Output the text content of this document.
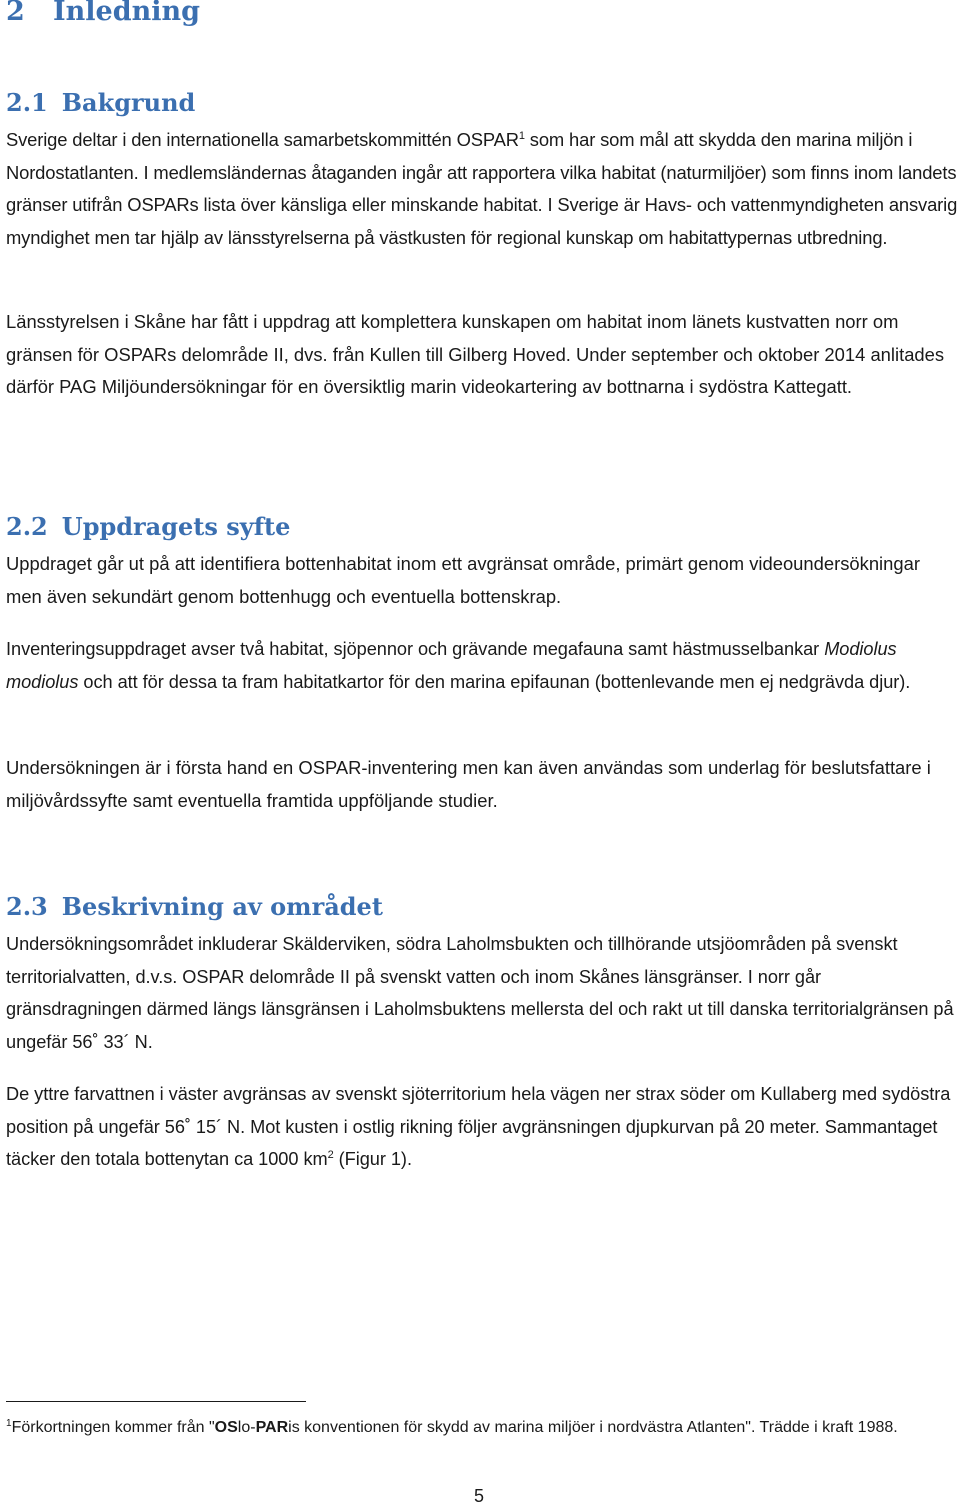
2 Inledning
2.1 Bakgrund

Sverige deltar i den internationella samarbetskommittén OSPAR$^1$ som har som mål att skydda den marina miljön i Nordostatlanten. I medlemsländernas åtaganden ingår att rapportera vilka habitat (naturmiljöer) som finns inom landets gränser utifrån OSPARs lista över känsliga eller minskande habitat. I Sverige är Havs- och vattenmyndigheten ansvarig myndighet men tar hjälp av länsstyrelserna på västkusten för regional kunskap om habitattypernas utbredning.

Länsstyrelsen i Skåne har fått i uppdrag att komplettera kunskapen om habitat inom länets kustvatten norr om gränsen för OSPARs delområde II, dvs. från Kullen till Gilberg Hoved. Under september och oktober 2014 anlitades därför PAG Miljöundersökningar för en översiktlig marin videokartering av bottnarna i sydöstra Kattegatt.

2.2 Uppdragets syfte

Uppdraget går ut på att identifiera bottenhabitat inom ett avgränsat område, primärt genom videoundersökningar men även sekundärt genom bottenhugg och eventuella bottenskrap.

Inventeringsuppdraget avser två habitat, sjöpennor och grävande megafauna samt hästmusselbankar Modiolus modiolus och att för dessa ta fram habitatkartor för den marina epifaunan (bottenlevande men ej nedgrävda djur).

Undersökningen är i första hand en OSPAR-inventering men kan även användas som underlag för beslutsfattare i miljövårdssyfte samt eventuella framtida uppföljande studier.

2.3 Beskrivning av området

Undersökningsområdet inkluderar Skälderviken, södra Laholmsbukten och tillhörande utsjöområden på svenskt territorialvatten, d.v.s. OSPAR delområde II på svenskt vatten och inom Skånes länsgränser. I norr går gränsdragningen därmed längs länsgränsen i Laholmsbuktens mellersta del och rakt ut till danska territorialgränsen på ungefär 56˚ 33´ N.

De yttre farvattnen i väster avgränsas av svenskt sjöterritorium hela vägen ner strax söder om Kullaberg med sydöstra position på ungefär 56˚ 15´ N. Mot kusten i ostlig rikning följer avgränsningen djupkurvan på 20 meter. Sammantaget täcker den totala bottenytan ca 1000 $km^2$ (Figur 1).

$^1$Förkortningen kommer från "OSlo-PARis konventionen för skydd av marina miljöer i nordvästra Atlanten". Trädde i kraft 1988.

5
